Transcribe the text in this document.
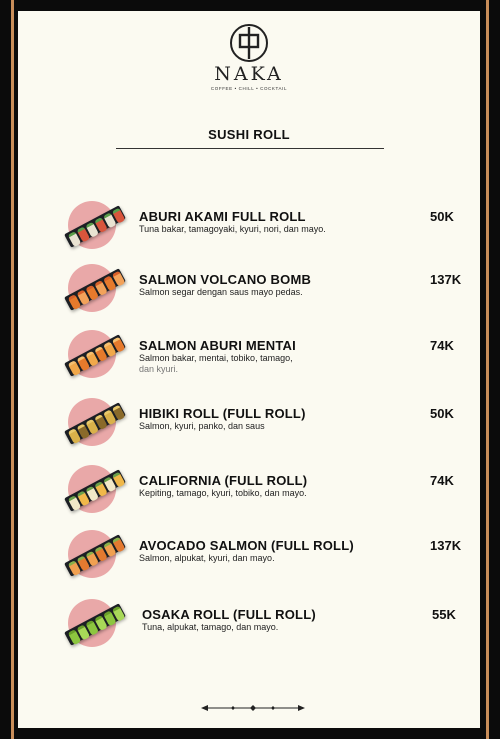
NAKA
COFFEE • CHILL • COCKTAIL
SUSHI ROLL
ABURI AKAMI FULL ROLL
Tuna bakar, tamagoyaki, kyuri, nori, dan mayo.
50K
SALMON VOLCANO BOMB
Salmon segar dengan saus mayo pedas.
137K
SALMON ABURI MENTAI
Salmon bakar, mentai, tobiko, tamago,
dan kyuri.
74K
HIBIKI ROLL (FULL ROLL)
Salmon, kyuri, panko, dan saus
50K
CALIFORNIA (FULL ROLL)
Kepiting, tamago, kyuri, tobiko, dan mayo.
74K
AVOCADO SALMON (FULL ROLL)
Salmon, alpukat, kyuri, dan mayo.
137K
OSAKA ROLL (FULL ROLL)
Tuna, alpukat, tamago, dan mayo.
55K
